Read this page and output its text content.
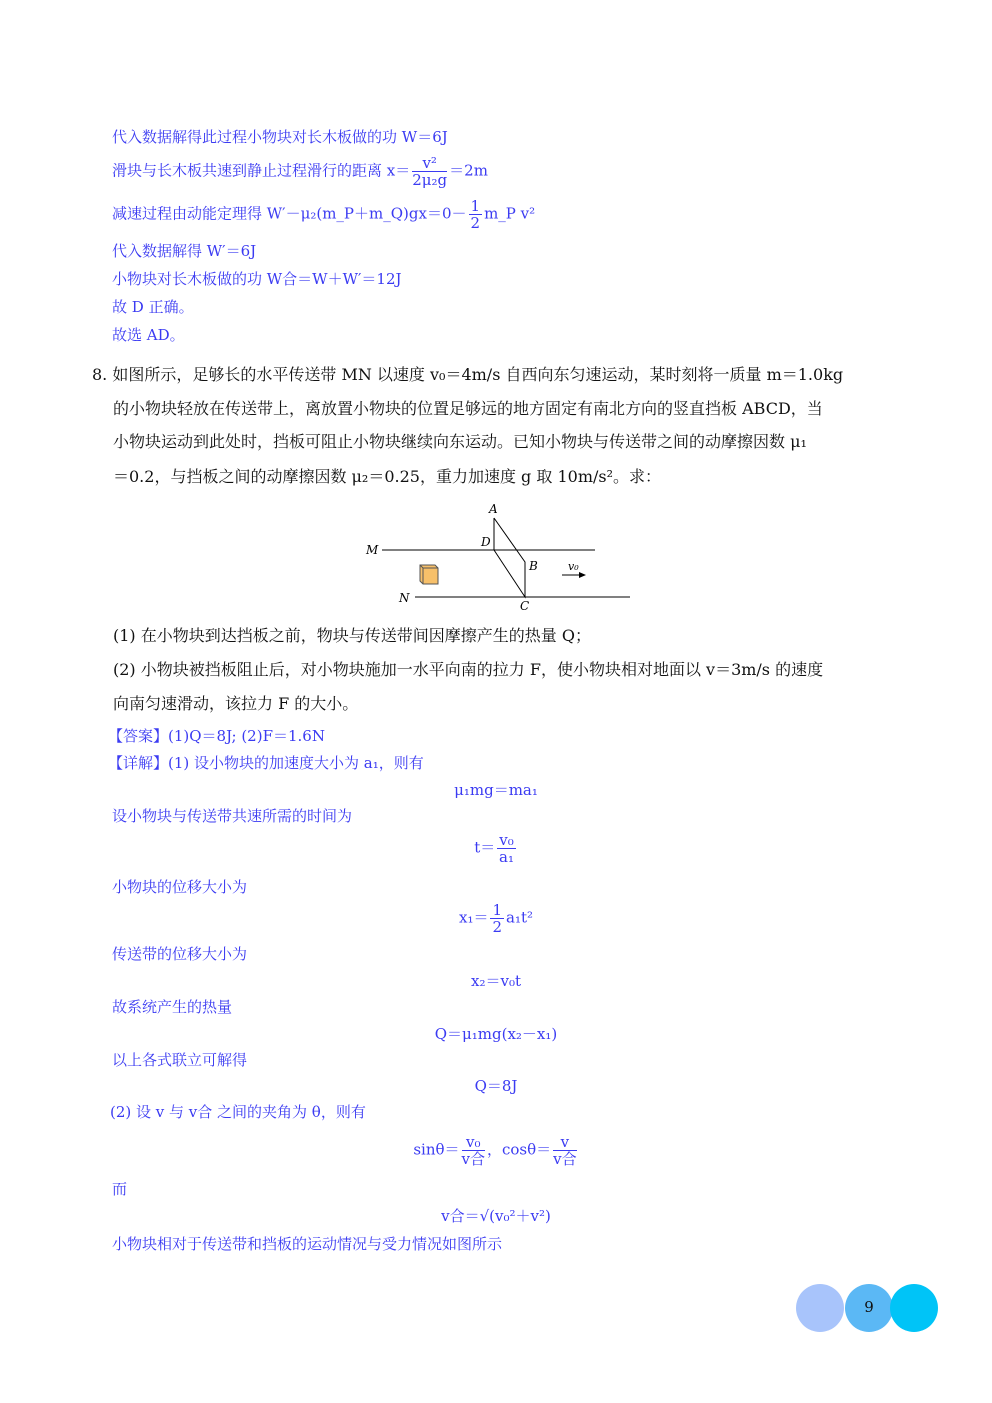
代入数据解得此过程小物块对长木板做的功 W＝6J
滑块与长木板共速到静止过程滑行的距离 $x= \frac{\text{v²}}{\text{2μ₂g}} =2m$
减速过程由动能定理得 W′－μ₂(m_P＋m_Q)gx＝0－ $\frac{1}{2}$ m_P v²
代入数据解得 W′＝6J
小物块对长木板做的功 W合＝W＋W′＝12J
故 D 正确。
故选 AD。
8. 如图所示，足够长的水平传送带 MN 以速度 v₀＝4m/s 自西向东匀速运动，某时刻将一质量 m＝1.0kg
的小物块轻放在传送带上，离放置小物块的位置足够远的地方固定有南北方向的竖直挡板 ABCD，当
小物块运动到此处时，挡板可阻止小物块继续向东运动。已知小物块与传送带之间的动摩擦因数 μ₁
＝0.2，与挡板之间的动摩擦因数 μ₂＝0.25，重力加速度 g 取 10m/s²。求：
A
D
B
C
M
N
v₀
(1) 在小物块到达挡板之前，物块与传送带间因摩擦产生的热量 Q；
(2) 小物块被挡板阻止后，对小物块施加一水平向南的拉力 F，使小物块相对地面以 v＝3m/s 的速度
向南匀速滑动，该拉力 F 的大小。
【答案】(1)Q＝8J; (2)F＝1.6N
【详解】(1) 设小物块的加速度大小为 a₁，则有
μ₁mg＝ma₁
设小物块与传送带共速所需的时间为
$t= \frac{\text{v₀}}{\text{a₁}}$
小物块的位移大小为
$x_1= \frac{1}{2} a_1t^2$
传送带的位移大小为
x₂＝v₀t
故系统产生的热量
Q＝μ₁mg(x₂－x₁)
以上各式联立可解得
Q＝8J
(2) 设 v 与 v合 之间的夹角为 θ，则有
sinθ＝ v₀
v合
，cosθ＝ v
v合
而
v合＝√(v₀²＋v²)
小物块相对于传送带和挡板的运动情况与受力情况如图所示
9
